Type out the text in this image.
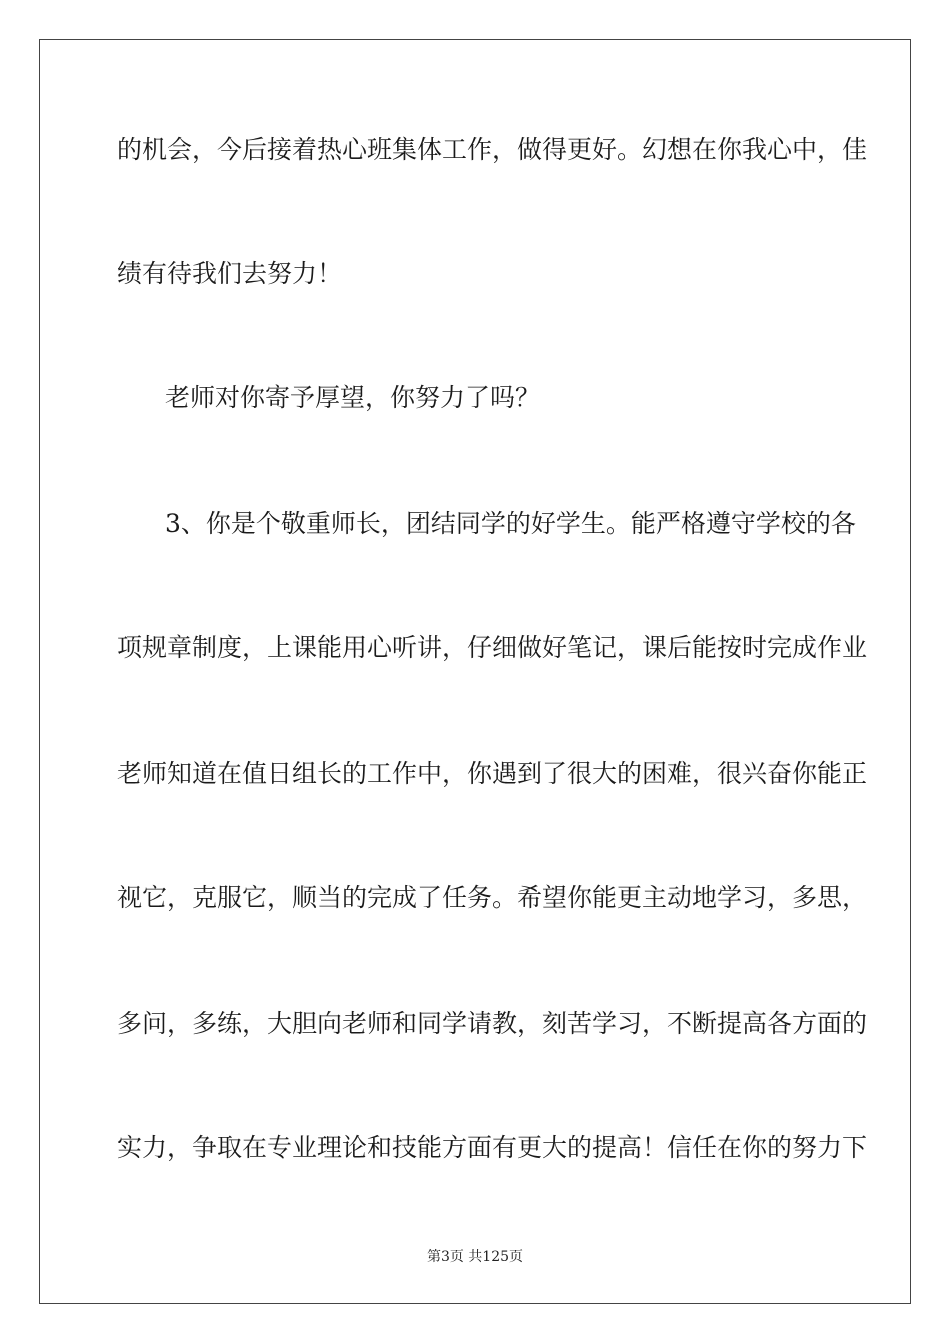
的机会，今后接着热心班集体工作，做得更好。幻想在你我心中，佳
绩有待我们去努力！
老师对你寄予厚望，你努力了吗？
3、你是个敬重师长，团结同学的好学生。能严格遵守学校的各
项规章制度，上课能用心听讲，仔细做好笔记，课后能按时完成作业
老师知道在值日组长的工作中，你遇到了很大的困难，很兴奋你能正
视它，克服它，顺当的完成了任务。希望你能更主动地学习，多思，
多问，多练，大胆向老师和同学请教，刻苦学习，不断提高各方面的
实力，争取在专业理论和技能方面有更大的提高！信任在你的努力下
第3页 共125页
